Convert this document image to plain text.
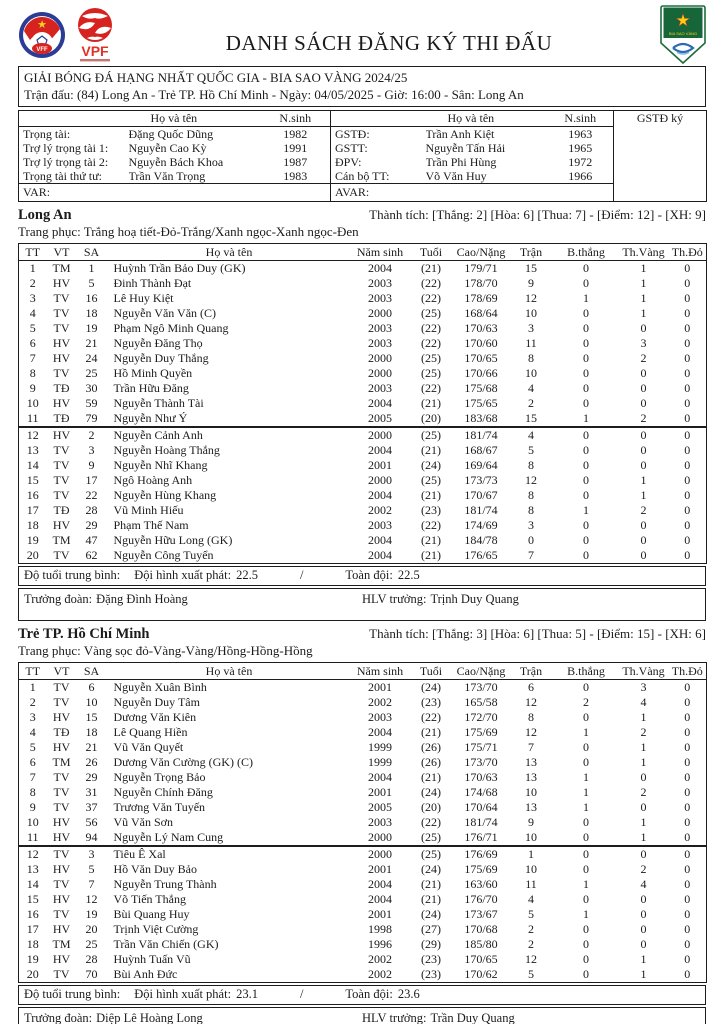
★
VFF VPF	DANH SÁCH ĐĂNG KÝ THI ĐẤU
★
BIA SAO VÀNG
GIẢI BÓNG ĐÁ HẠNG NHẤT QUỐC GIA - BIA SAO VÀNG 2024/25
Trận đấu: (84) Long An - Trẻ TP. Hồ Chí Minh - Ngày: 04/05/2025 - Giờ: 16:00 - Sân: Long An
	Họ và tên	N.sinh		Họ và tên	N.sinh	GSTĐ ký
Trọng tài:	Đặng Quốc Dũng	1982	GSTĐ:	Trần Anh Kiệt	1963	
Trợ lý trọng tài 1:	Nguyễn Cao Kỳ	1991	GSTT:	Nguyễn Tấn Hải	1965	
Trợ lý trọng tài 2:	Nguyễn Bách Khoa	1987	ĐPV:	Trần Phi Hùng	1972	
Trọng tài thứ tư:	Trần Văn Trọng	1983	Cán bộ TT:	Võ Văn Huy	1966	
VAR:			AVAR:			
Long An	Thành tích: [Thắng: 2] [Hòa: 6] [Thua: 7] - [Điểm: 12] - [XH: 9]
Trang phục: Trắng hoạ tiết-Đỏ-Trắng/Xanh ngọc-Xanh ngọc-Đen
TT	VT	SA	Họ và tên	Năm sinh	Tuổi	Cao/Nặng	Trận	B.thắng	Th.Vàng	Th.Đỏ
1	TM	1	Huỳnh Trần Bảo Duy (GK)	2004	(21)	179/71	15	0	1	0
2	HV	5	Đinh Thành Đạt	2003	(22)	178/70	9	0	1	0
3	TV	16	Lê Huy Kiệt	2003	(22)	178/69	12	1	1	0
4	TV	18	Nguyễn Văn Văn (C)	2000	(25)	168/64	10	0	1	0
5	TV	19	Phạm Ngô Minh Quang	2003	(22)	170/63	3	0	0	0
6	HV	21	Nguyễn Đăng Thọ	2003	(22)	170/60	11	0	3	0
7	HV	24	Nguyễn Duy Thắng	2000	(25)	170/65	8	0	2	0
8	TV	25	Hồ Minh Quyền	2000	(25)	170/66	10	0	0	0
9	TĐ	30	Trần Hữu Đăng	2003	(22)	175/68	4	0	0	0
10	HV	59	Nguyễn Thành Tài	2004	(21)	175/65	2	0	0	0
11	TĐ	79	Nguyễn Như Ý	2005	(20)	183/68	15	1	2	0
12	HV	2	Nguyễn Cảnh Anh	2000	(25)	181/74	4	0	0	0
13	TV	3	Nguyễn Hoàng Thắng	2004	(21)	168/67	5	0	0	0
14	TV	9	Nguyễn Nhĩ Khang	2001	(24)	169/64	8	0	0	0
15	TV	17	Ngô Hoàng Anh	2000	(25)	173/73	12	0	1	0
16	TV	22	Nguyễn Hùng Khang	2004	(21)	170/67	8	0	1	0
17	TĐ	28	Vũ Minh Hiếu	2002	(23)	181/74	8	1	2	0
18	HV	29	Phạm Thế Nam	2003	(22)	174/69	3	0	0	0
19	TM	47	Nguyễn Hữu Long (GK)	2004	(21)	184/78	0	0	0	0
20	TV	62	Nguyễn Công Tuyển	2004	(21)	176/65	7	0	0	0
Độ tuổi trung bình: Đội hình xuất phát: 22.5	/	Toàn đội: 22.5
Trưởng đoàn: Đặng Đình Hoàng	HLV trưởng: Trịnh Duy Quang
Trẻ TP. Hồ Chí Minh	Thành tích: [Thắng: 3] [Hòa: 6] [Thua: 5] - [Điểm: 15] - [XH: 6]
Trang phục: Vàng sọc đỏ-Vàng-Vàng/Hồng-Hồng-Hồng
TT	VT	SA	Họ và tên	Năm sinh	Tuổi	Cao/Nặng	Trận	B.thắng	Th.Vàng	Th.Đỏ
1	TV	6	Nguyễn Xuân Bình	2001	(24)	173/70	6	0	3	0
2	TV	10	Nguyễn Duy Tâm	2002	(23)	165/58	12	2	4	0
3	HV	15	Dương Văn Kiên	2003	(22)	172/70	8	0	1	0
4	TĐ	18	Lê Quang Hiền	2004	(21)	175/69	12	1	2	0
5	HV	21	Vũ Văn Quyết	1999	(26)	175/71	7	0	1	0
6	TM	26	Dương Văn Cường (GK) (C)	1999	(26)	173/70	13	0	1	0
7	TV	29	Nguyễn Trọng Bảo	2004	(21)	170/63	13	1	0	0
8	TV	31	Nguyễn Chính Đăng	2001	(24)	174/68	10	1	2	0
9	TV	37	Trương Văn Tuyến	2005	(20)	170/64	13	1	0	0
10	HV	56	Vũ Văn Sơn	2003	(22)	181/74	9	0	1	0
11	HV	94	Nguyễn Lý Nam Cung	2000	(25)	176/71	10	0	1	0
12	TV	3	Tiêu Ê Xal	2000	(25)	176/69	1	0	0	0
13	HV	5	Hồ Văn Duy Bảo	2001	(24)	175/69	10	0	2	0
14	TV	7	Nguyễn Trung Thành	2004	(21)	163/60	11	1	4	0
15	HV	12	Võ Tiến Thắng	2004	(21)	176/70	4	0	0	0
16	TV	19	Bùi Quang Huy	2001	(24)	173/67	5	1	0	0
17	HV	20	Trịnh Việt Cường	1998	(27)	170/68	2	0	0	0
18	TM	25	Trần Văn Chiến (GK)	1996	(29)	185/80	2	0	0	0
19	HV	28	Huỳnh Tuấn Vũ	2002	(23)	170/65	12	0	1	0
20	TV	70	Bùi Anh Đức	2002	(23)	170/62	5	0	1	0
Độ tuổi trung bình: Đội hình xuất phát: 23.1	/	Toàn đội: 23.6
Trưởng đoàn: Diệp Lê Hoàng Long	HLV trưởng: Trần Duy Quang
